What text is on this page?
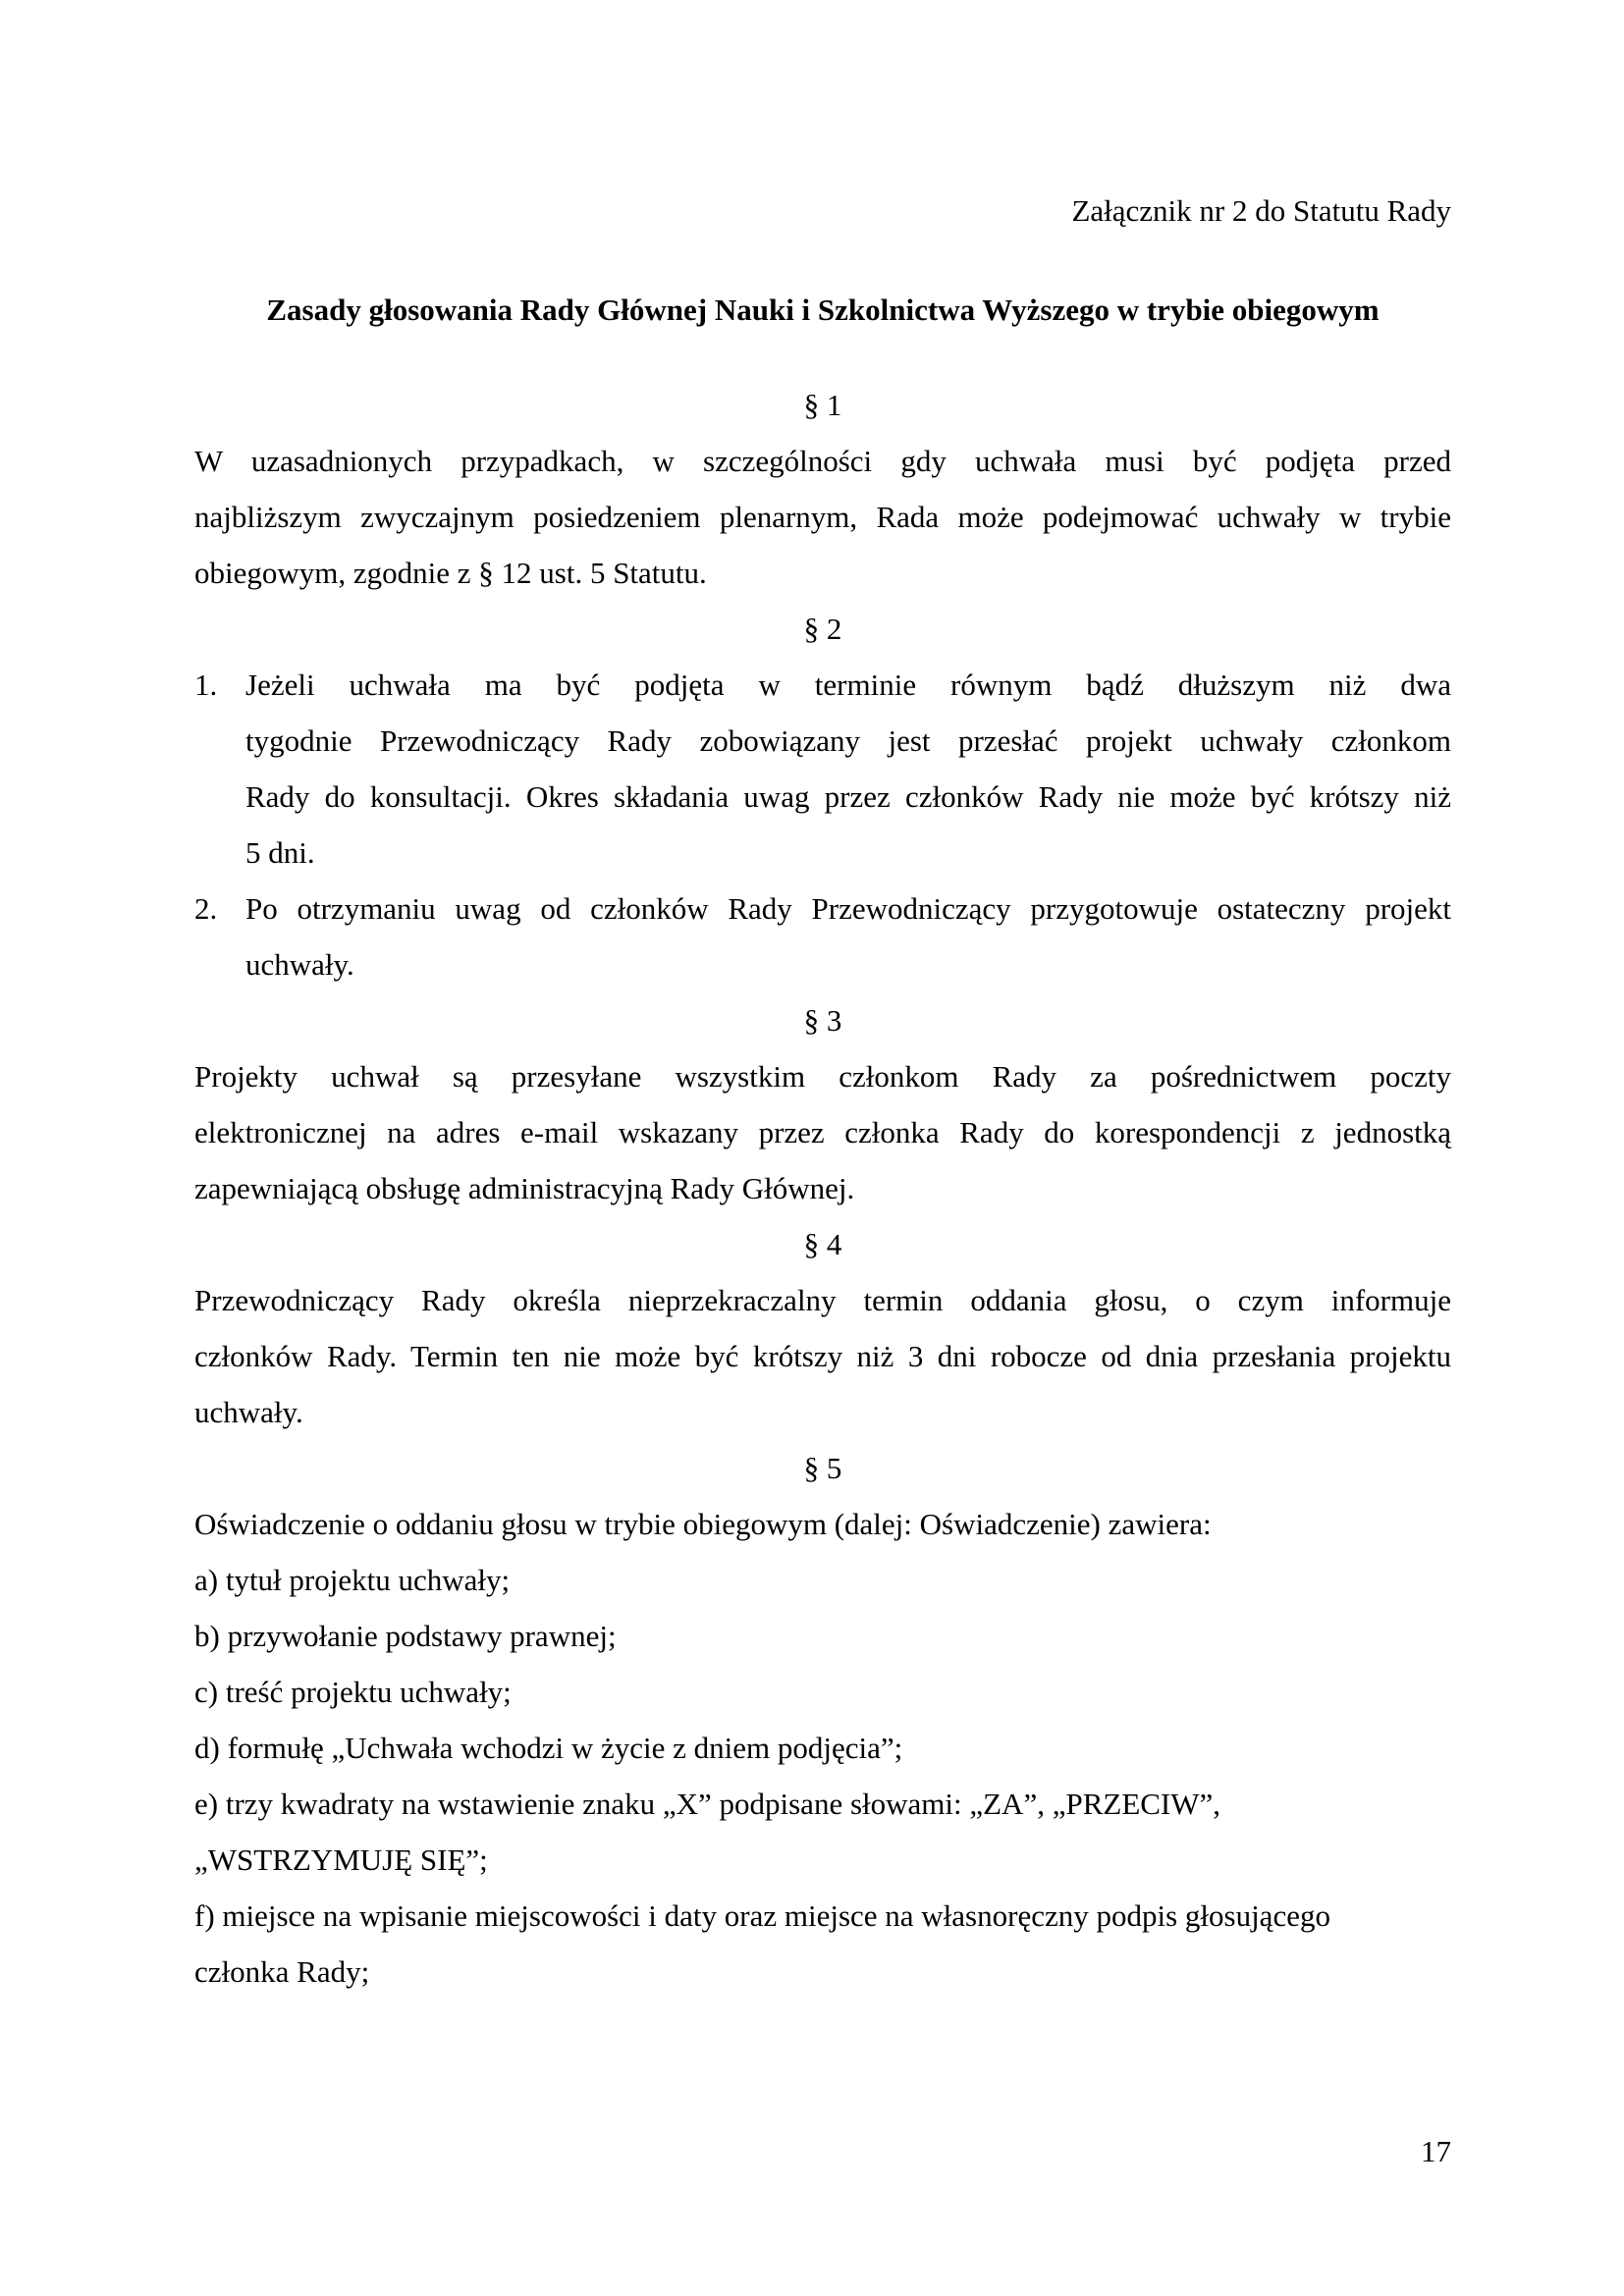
Załącznik nr 2 do Statutu Rady
Zasady głosowania Rady Głównej Nauki i Szkolnictwa Wyższego w trybie obiegowym
§ 1
W uzasadnionych przypadkach, w szczególności gdy uchwała musi być podjęta przed
najbliższym zwyczajnym posiedzeniem plenarnym, Rada może podejmować uchwały w trybie
obiegowym, zgodnie z § 12 ust. 5 Statutu.
§ 2
1. Jeżeli uchwała ma być podjęta w terminie równym bądź dłuższym niż dwa
tygodnie Przewodniczący Rady zobowiązany jest przesłać projekt uchwały członkom
Rady do konsultacji. Okres składania uwag przez członków Rady nie może być krótszy niż
5 dni.
2. Po otrzymaniu uwag od członków Rady Przewodniczący przygotowuje ostateczny projekt
uchwały.
§ 3
Projekty uchwał są przesyłane wszystkim członkom Rady za pośrednictwem poczty
elektronicznej na adres e-mail wskazany przez członka Rady do korespondencji z jednostką
zapewniającą obsługę administracyjną Rady Głównej.
§ 4
Przewodniczący Rady określa nieprzekraczalny termin oddania głosu, o czym informuje
członków Rady. Termin ten nie może być krótszy niż 3 dni robocze od dnia przesłania projektu
uchwały.
§ 5
Oświadczenie o oddaniu głosu w trybie obiegowym (dalej: Oświadczenie) zawiera:
a) tytuł projektu uchwały;
b) przywołanie podstawy prawnej;
c) treść projektu uchwały;
d) formułę „Uchwała wchodzi w życie z dniem podjęcia”;
e) trzy kwadraty na wstawienie znaku „X” podpisane słowami: „ZA”, „PRZECIW”,
„WSTRZYMUJĘ SIĘ”;
f) miejsce na wpisanie miejscowości i daty oraz miejsce na własnoręczny podpis głosującego
członka Rady;
17
